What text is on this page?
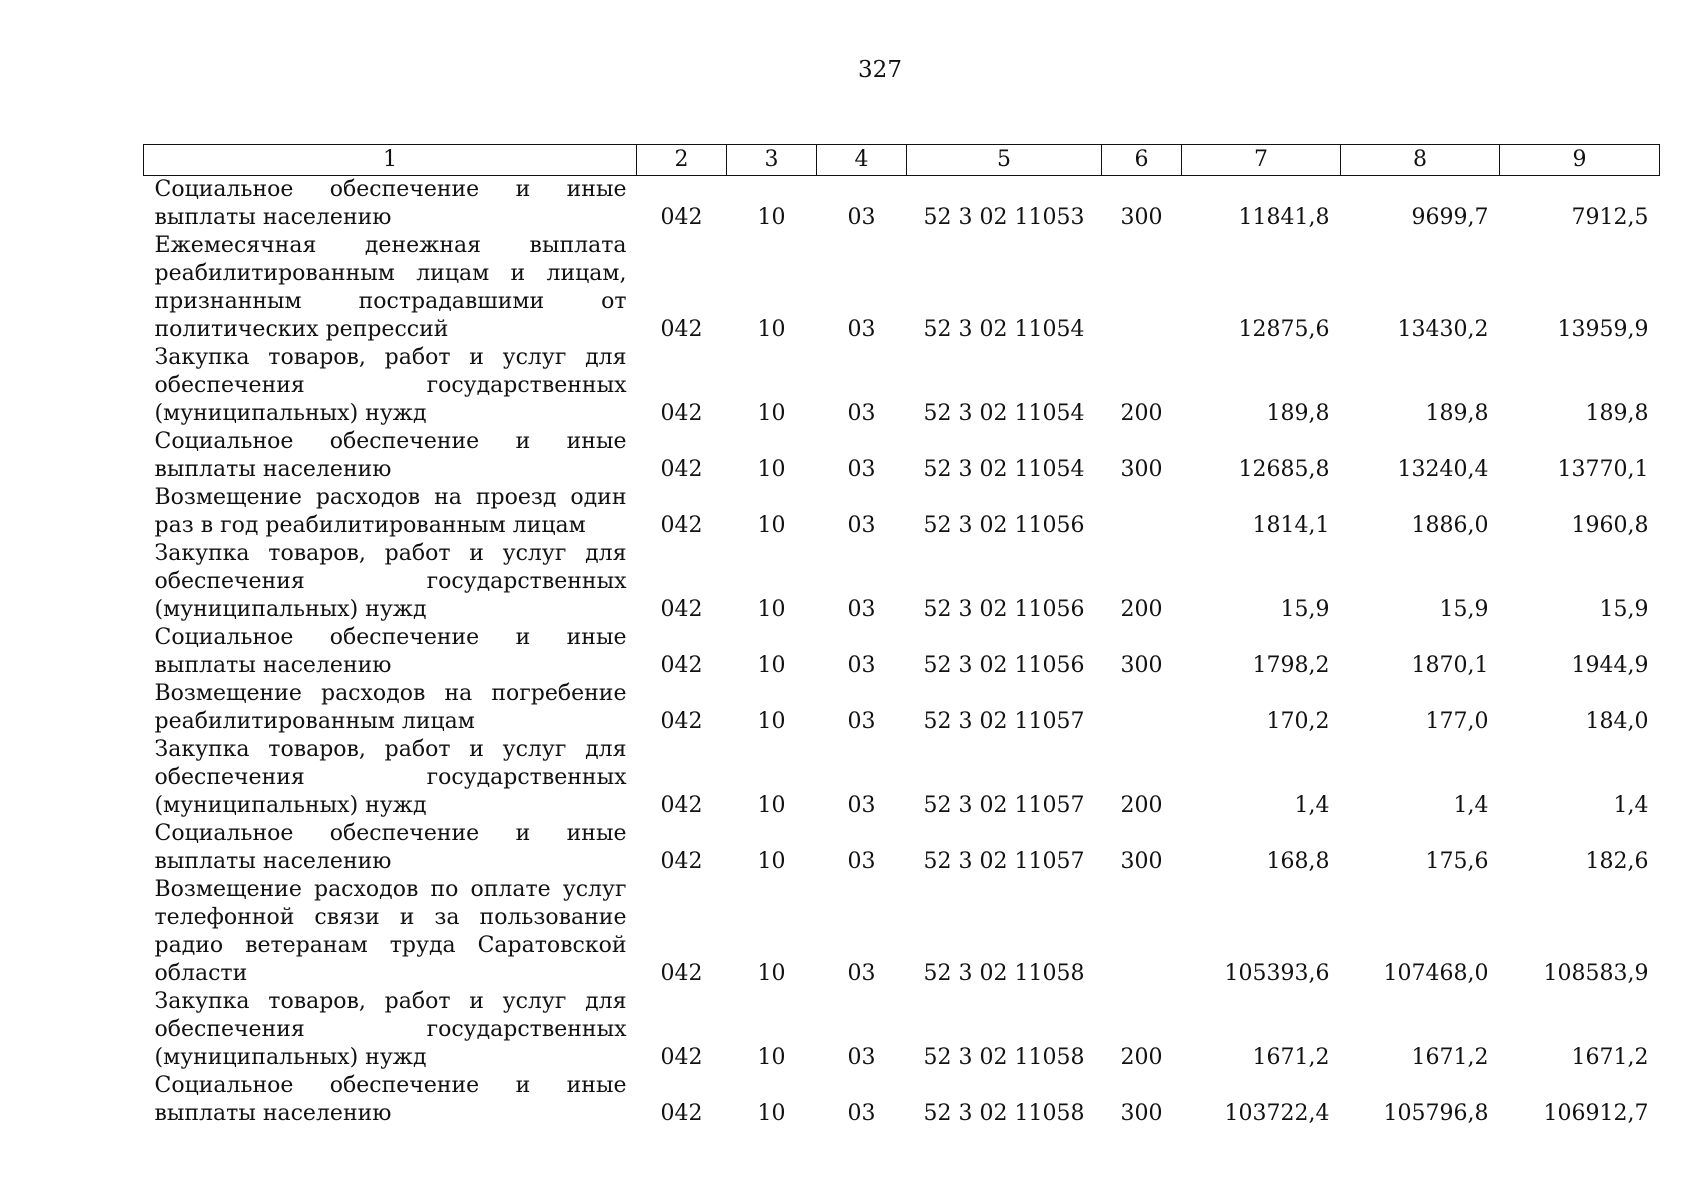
327
1	2	3	4	5	6	7	8	9
Социальное обеспечение и иные выплаты населению	042	10	03	52 3 02 11053	300	11841,8	9699,7	7912,5
Ежемесячная денежная выплата реабилитированным лицам и лицам, признанным пострадавшими от политических репрессий	042	10	03	52 3 02 11054		12875,6	13430,2	13959,9
Закупка товаров, работ и услуг для обеспечения государственных (муниципальных) нужд	042	10	03	52 3 02 11054	200	189,8	189,8	189,8
Социальное обеспечение и иные выплаты населению	042	10	03	52 3 02 11054	300	12685,8	13240,4	13770,1
Возмещение расходов на проезд один раз в год реабилитированным лицам	042	10	03	52 3 02 11056		1814,1	1886,0	1960,8
Закупка товаров, работ и услуг для обеспечения государственных (муниципальных) нужд	042	10	03	52 3 02 11056	200	15,9	15,9	15,9
Социальное обеспечение и иные выплаты населению	042	10	03	52 3 02 11056	300	1798,2	1870,1	1944,9
Возмещение расходов на погребение реабилитированным лицам	042	10	03	52 3 02 11057		170,2	177,0	184,0
Закупка товаров, работ и услуг для обеспечения государственных (муниципальных) нужд	042	10	03	52 3 02 11057	200	1,4	1,4	1,4
Социальное обеспечение и иные выплаты населению	042	10	03	52 3 02 11057	300	168,8	175,6	182,6
Возмещение расходов по оплате услуг телефонной связи и за пользование радио ветеранам труда Саратовской области	042	10	03	52 3 02 11058		105393,6	107468,0	108583,9
Закупка товаров, работ и услуг для обеспечения государственных (муниципальных) нужд	042	10	03	52 3 02 11058	200	1671,2	1671,2	1671,2
Социальное обеспечение и иные выплаты населению	042	10	03	52 3 02 11058	300	103722,4	105796,8	106912,7
